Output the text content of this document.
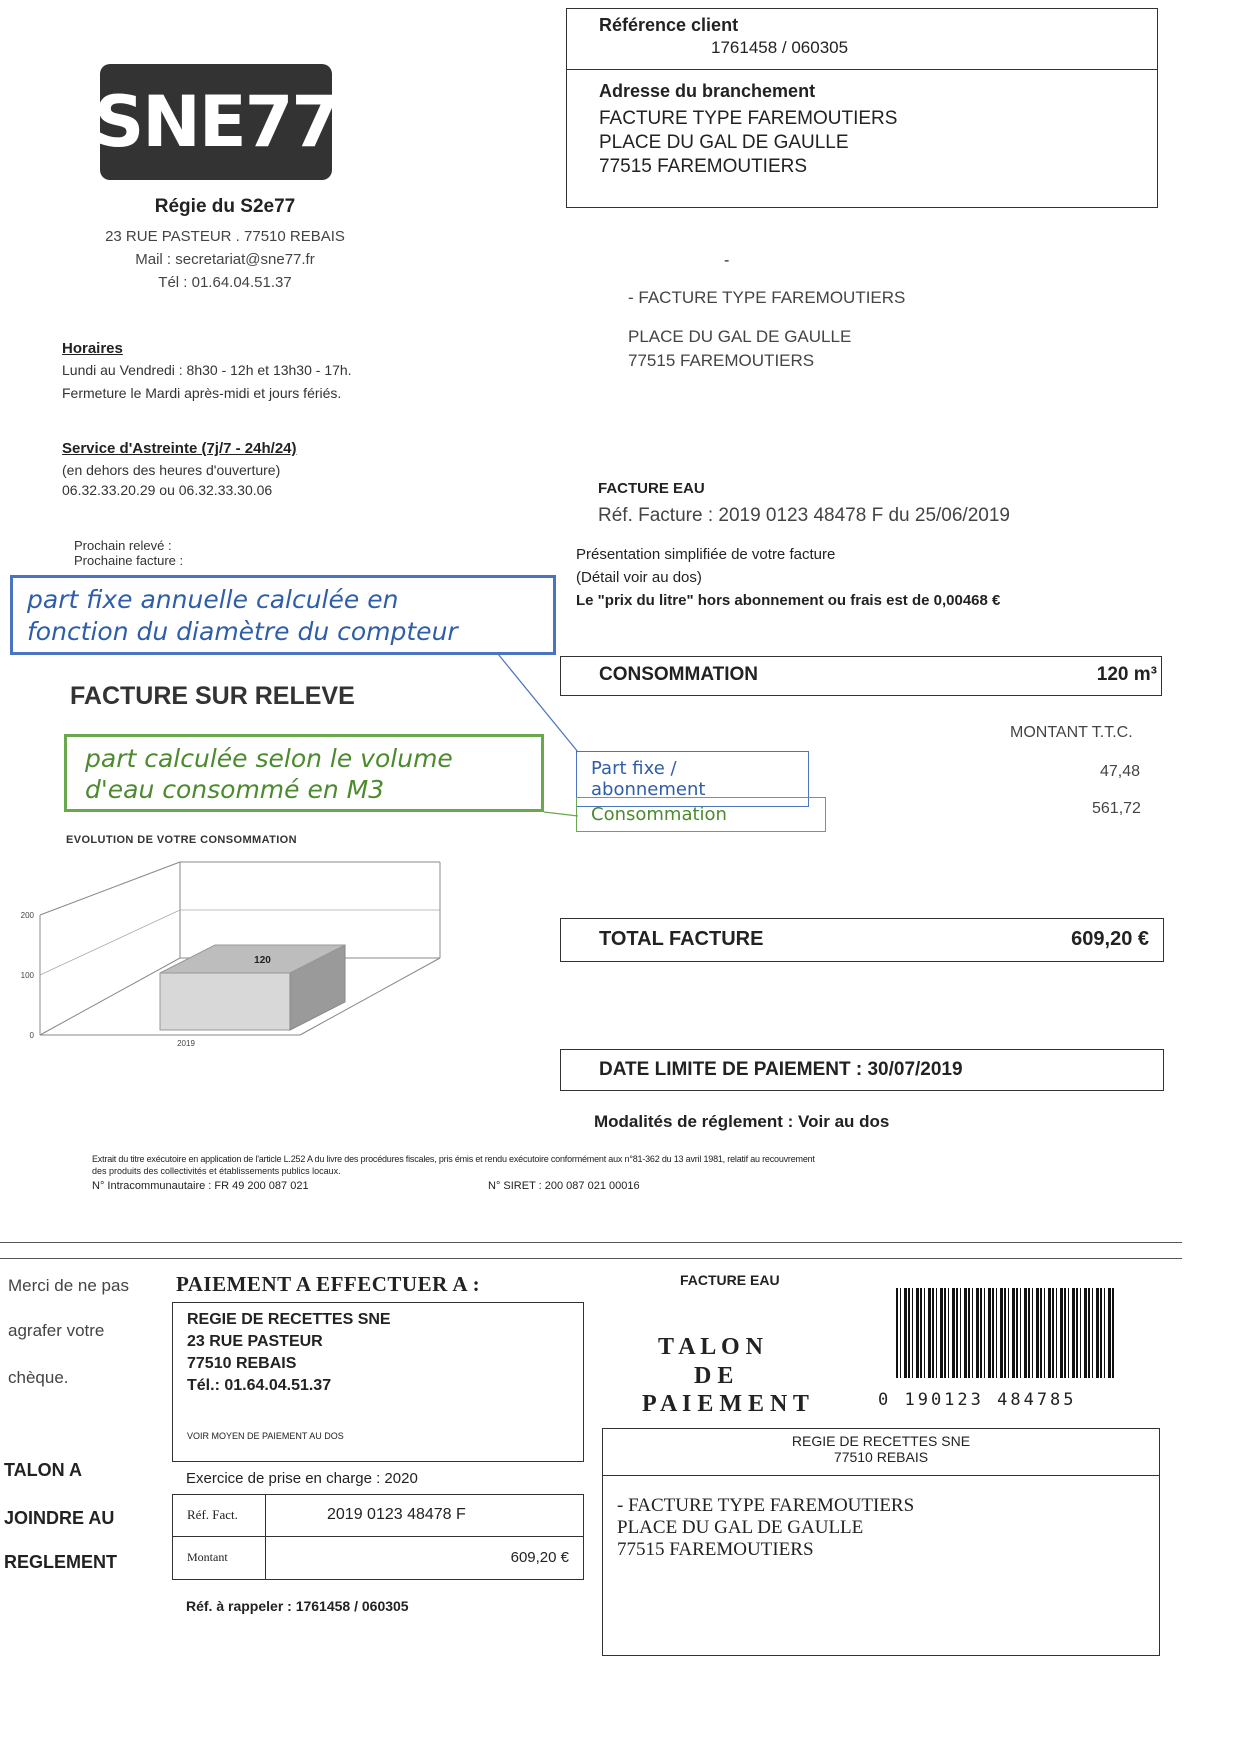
Référence client
1761458 / 060305
Adresse du branchement
FACTURE TYPE FAREMOUTIERS
PLACE DU GAL DE GAULLE
77515 FAREMOUTIERS
SNE77
Régie du S2e77
23 RUE PASTEUR . 77510 REBAIS
Mail : secretariat@sne77.fr
Tél : 01.64.04.51.37
Horaires
Lundi au Vendredi : 8h30 - 12h et 13h30 - 17h.
Fermeture le Mardi après-midi et jours fériés.
Service d'Astreinte (7j/7 - 24h/24)
(en dehors des heures d'ouverture)
06.32.33.20.29 ou 06.32.33.30.06
Prochain relevé :
Prochaine facture :
-
- FACTURE TYPE FAREMOUTIERS
PLACE DU GAL DE GAULLE
77515 FAREMOUTIERS
FACTURE EAU
Réf. Facture : 2019 0123 48478 F du 25/06/2019
Présentation simplifiée de votre facture
(Détail voir au dos)
Le "prix du litre" hors abonnement ou frais est de 0,00468 €
part fixe annuelle calculée en
fonction du diamètre du compteur
CONSOMMATION	120 m³
FACTURE SUR RELEVE
MONTANT T.T.C.
part calculée selon le volume
d'eau consommé en M3
Part fixe / abonnement
47,48
Consommation	561,72
EVOLUTION DE VOTRE CONSOMMATION
0
100
200
120
2019
TOTAL FACTURE	609,20 €
DATE LIMITE DE PAIEMENT : 30/07/2019
Modalités de réglement : Voir au dos
Extrait du titre exécutoire en application de l'article L.252 A du livre des procédures fiscales, pris émis et rendu exécutoire conformément aux n°81-362 du 13 avril 1981, relatif au recouvrement
des produits des collectivités et établissements publics locaux.
N° Intracommunautaire : FR 49 200 087 021	N° SIRET : 200 087 021 00016
Merci de ne pas
agrafer votre
chèque.
TALON A
JOINDRE AU
REGLEMENT
PAIEMENT A EFFECTUER A :
REGIE DE RECETTES SNE
23 RUE PASTEUR
77510 REBAIS
Tél.: 01.64.04.51.37
VOIR MOYEN DE PAIEMENT AU DOS
Exercice de prise en charge : 2020
Réf. Fact.	2019 0123 48478 F
Montant	609,20 €
Réf. à rappeler : 1761458 / 060305
FACTURE EAU
T A L O N
D E
P A I E M E N T	0 190123 484785
REGIE DE RECETTES SNE
77510 REBAIS
- FACTURE TYPE FAREMOUTIERS
PLACE DU GAL DE GAULLE
77515 FAREMOUTIERS
